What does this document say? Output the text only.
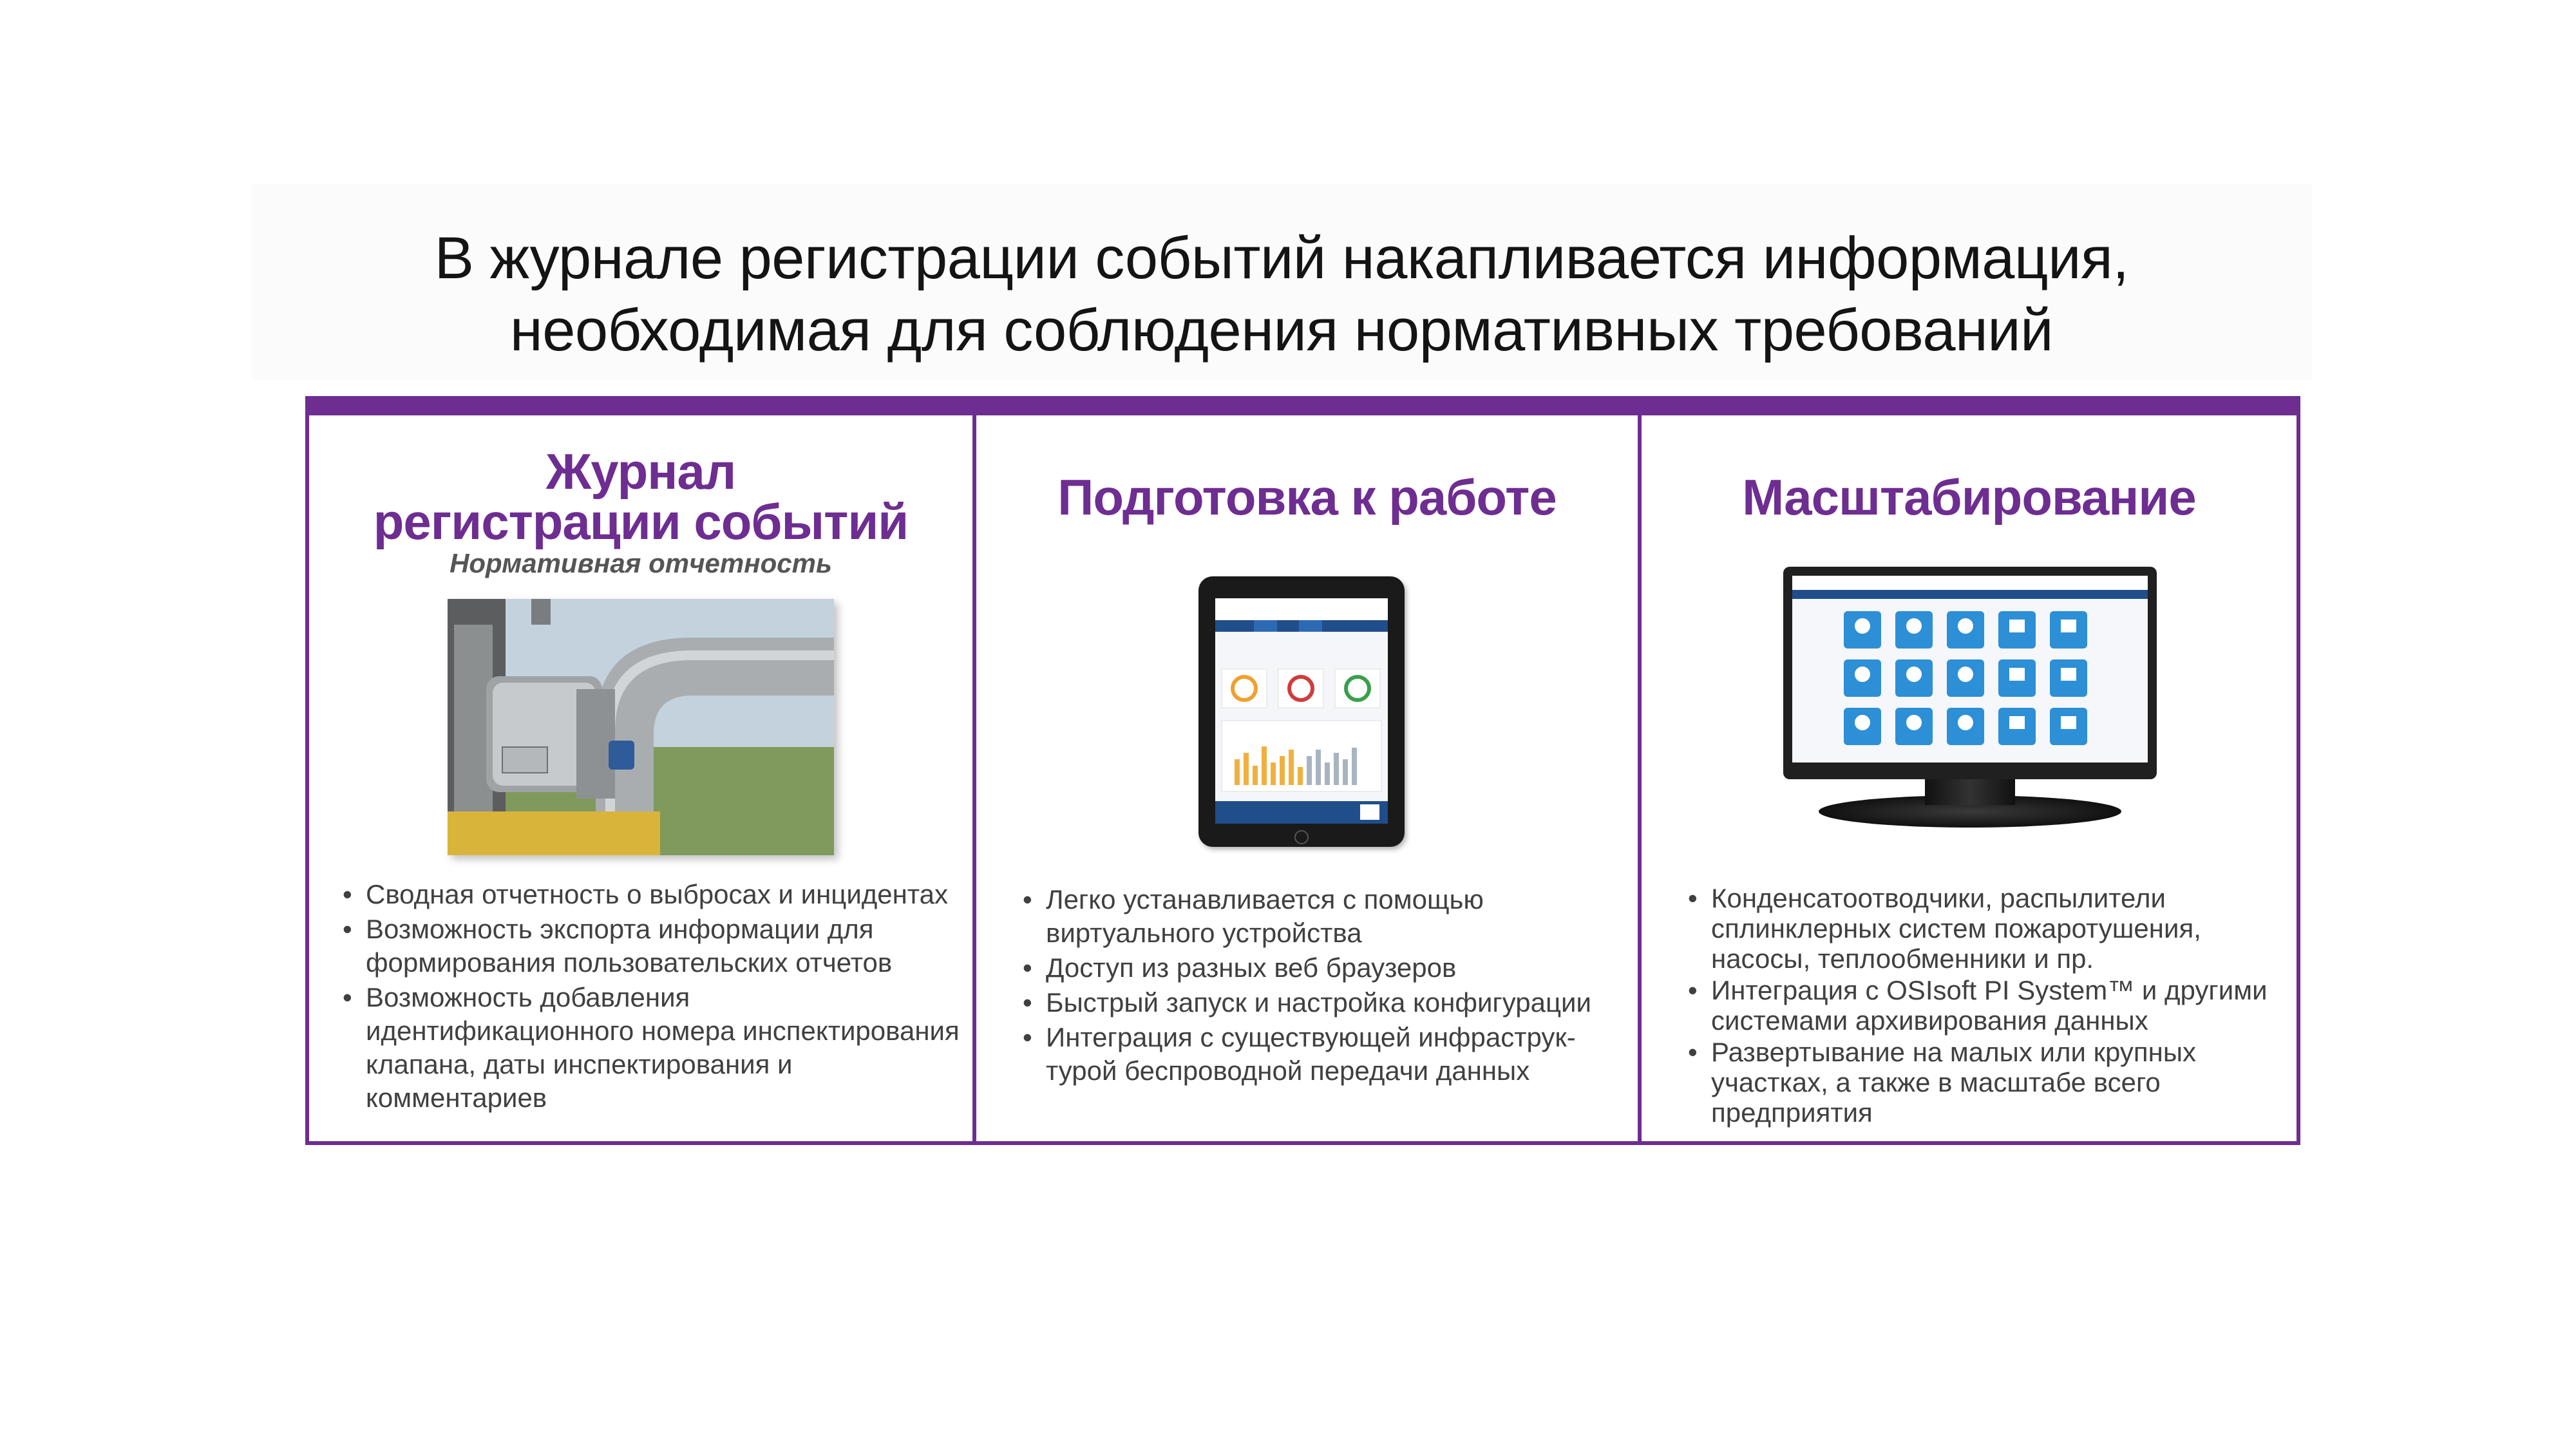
В журнале регистрации событий накапливается информация,
необходимая для соблюдения нормативных требований
Журнал
регистрации событий
Нормативная отчетность
• Сводная отчетность о выбросах и инцидентах
• Возможность экспорта информации для формирования пользовательских отчетов
• Возможность добавления идентификационного номера инспектирования клапана, даты инспектирования и комментариев
Подготовка к работе
• Легко устанавливается с помощью виртуального устройства
• Доступ из разных веб браузеров
• Быстрый запуск и настройка конфигурации
• Интеграция с существующей инфраструк-турой беспроводной передачи данных
Масштабирование
• Конденсатоотводчики, распылители сплинклерных систем пожаротушения, насосы, теплообменники и пр.
• Интеграция с OSIsoft PI System™ и другими системами архивирования данных
• Развертывание на малых или крупных участках, а также в масштабе всего предприятия
